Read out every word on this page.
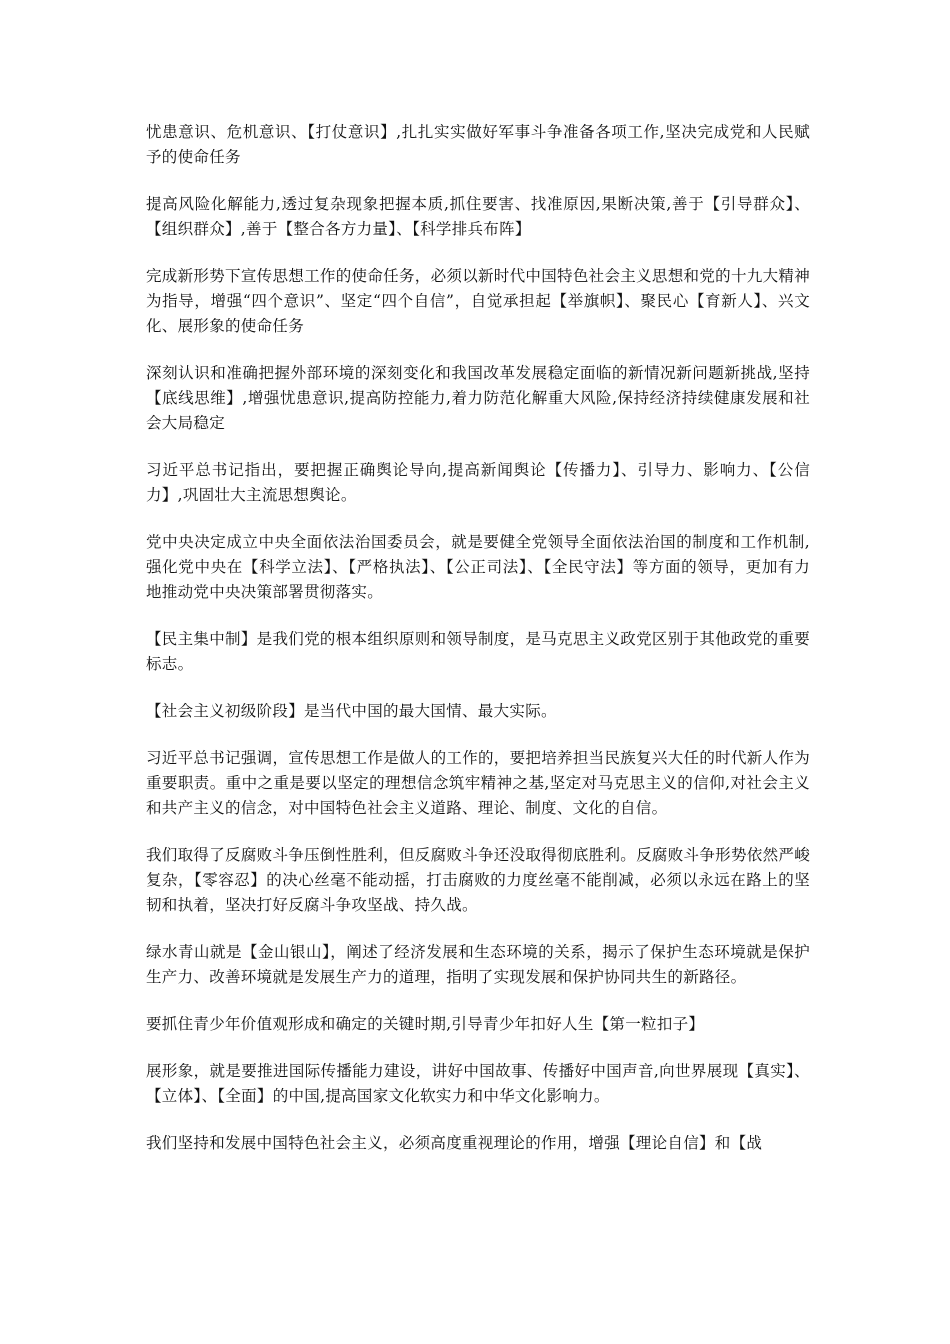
忧患意识、危机意识、【打仗意识】,扎扎实实做好军事斗争准备各项工作,坚决完成党和人民赋予的使命任务

提高风险化解能力,透过复杂现象把握本质,抓住要害、找准原因,果断决策,善于【引导群众】、【组织群众】,善于【整合各方力量】、【科学排兵布阵】

完成新形势下宣传思想工作的使命任务，必须以新时代中国特色社会主义思想和党的十九大精神为指导，增强“四个意识”、坚定“四个自信”，自觉承担起【举旗帜】、聚民心【育新人】、兴文化、展形象的使命任务

深刻认识和准确把握外部环境的深刻变化和我国改革发展稳定面临的新情况新问题新挑战,坚持【底线思维】,增强忧患意识,提高防控能力,着力防范化解重大风险,保持经济持续健康发展和社会大局稳定

习近平总书记指出，要把握正确舆论导向,提高新闻舆论【传播力】、引导力、影响力、【公信力】,巩固壮大主流思想舆论。

党中央决定成立中央全面依法治国委员会，就是要健全党领导全面依法治国的制度和工作机制,强化党中央在【科学立法】、【严格执法】、【公正司法】、【全民守法】等方面的领导，更加有力地推动党中央决策部署贯彻落实。

【民主集中制】是我们党的根本组织原则和领导制度，是马克思主义政党区别于其他政党的重要标志。

【社会主义初级阶段】是当代中国的最大国情、最大实际。

习近平总书记强调，宣传思想工作是做人的工作的，要把培养担当民族复兴大任的时代新人作为重要职责。重中之重是要以坚定的理想信念筑牢精神之基,坚定对马克思主义的信仰,对社会主义和共产主义的信念，对中国特色社会主义道路、理论、制度、文化的自信。

我们取得了反腐败斗争压倒性胜利，但反腐败斗争还没取得彻底胜利。反腐败斗争形势依然严峻复杂，【零容忍】的决心丝毫不能动摇，打击腐败的力度丝毫不能削减，必须以永远在路上的坚韧和执着，坚决打好反腐斗争攻坚战、持久战。

绿水青山就是【金山银山】，阐述了经济发展和生态环境的关系，揭示了保护生态环境就是保护生产力、改善环境就是发展生产力的道理，指明了实现发展和保护协同共生的新路径。

要抓住青少年价值观形成和确定的关键时期,引导青少年扣好人生【第一粒扣子】

展形象，就是要推进国际传播能力建设，讲好中国故事、传播好中国声音,向世界展现【真实】、【立体】、【全面】的中国,提高国家文化软实力和中华文化影响力。

我们坚持和发展中国特色社会主义，必须高度重视理论的作用，增强【理论自信】和【战
